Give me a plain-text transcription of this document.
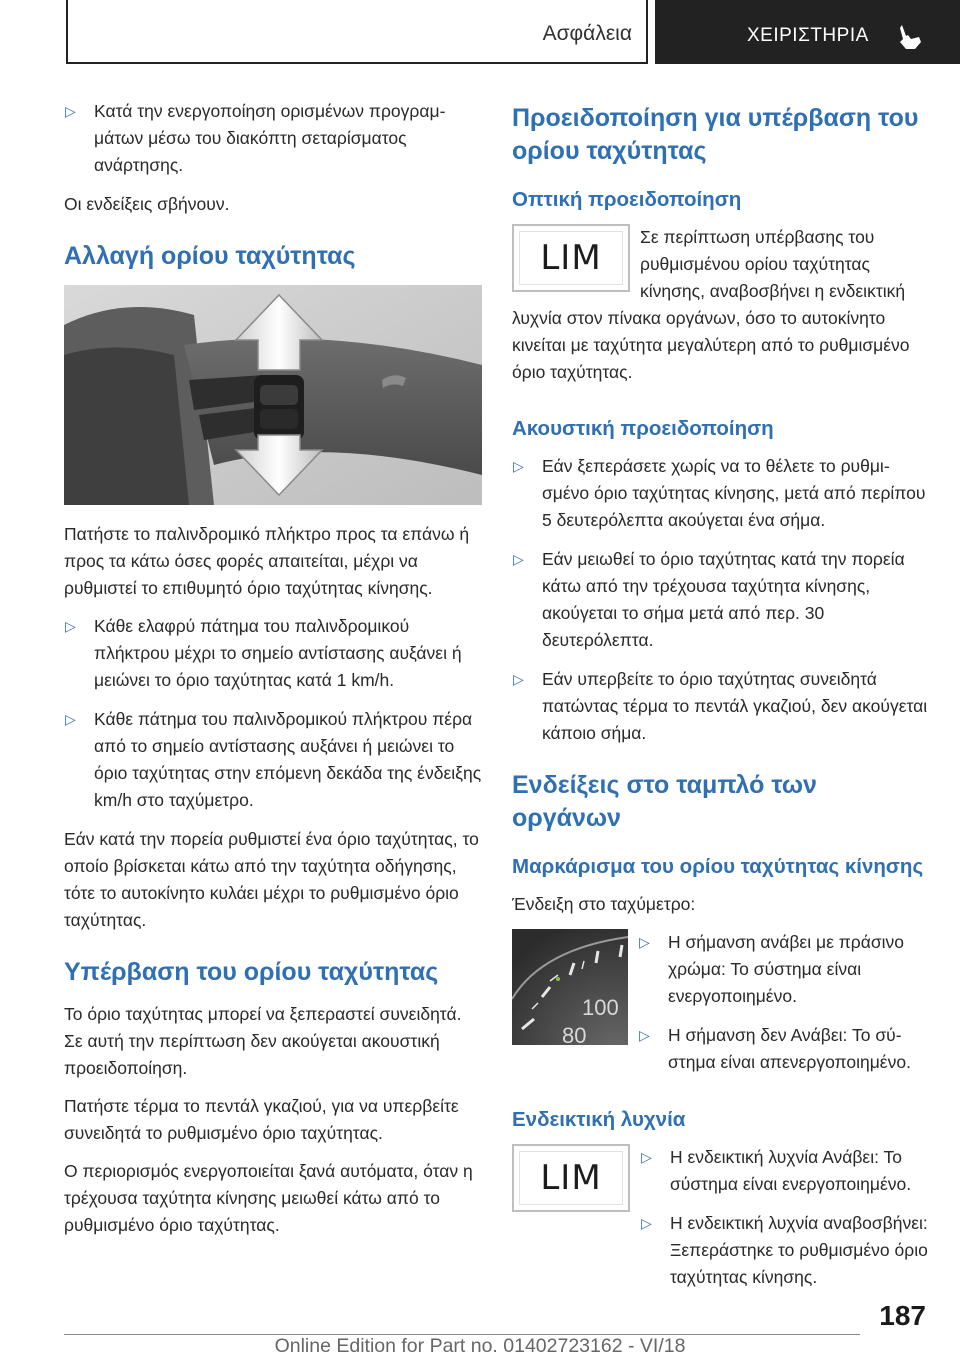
Ασφάλεια	ΧΕΙΡΙΣΤΗΡΙΑ
▷ Κατά την ενεργοποίηση ορισμένων προγραμμάτων μέσω του διακόπτη σεταρίσματος ανάρτησης.

Οι ενδείξεις σβήνουν.

Αλλαγή ορίου ταχύτητας

Πατήστε το παλινδρομικό πλήκτρο προς τα επάνω ή προς τα κάτω όσες φορές απαιτείται, μέχρι να ρυθμιστεί το επιθυμητό όριο ταχύτητας κίνησης.

▷ Κάθε ελαφρύ πάτημα του παλινδρομικού πλήκτρου μέχρι το σημείο αντίστασης αυξάνει ή μειώνει το όριο ταχύτητας κατά 1 km/h.
▷ Κάθε πάτημα του παλινδρομικού πλήκτρου πέρα από το σημείο αντίστασης αυξάνει ή μειώνει το όριο ταχύτητας στην επόμενη δεκάδα της ένδειξης km/h στο ταχύμετρο.

Εάν κατά την πορεία ρυθμιστεί ένα όριο ταχύτητας, το οποίο βρίσκεται κάτω από την ταχύτητα οδήγησης, τότε το αυτοκίνητο κυλάει μέχρι το ρυθμισμένο όριο ταχύτητας.

Υπέρβαση του ορίου ταχύτητας

Το όριο ταχύτητας μπορεί να ξεπεραστεί συνειδητά. Σε αυτή την περίπτωση δεν ακούγεται ακουστική προειδοποίηση.

Πατήστε τέρμα το πεντάλ γκαζιού, για να υπερβείτε συνειδητά το ρυθμισμένο όριο ταχύτητας.

Ο περιορισμός ενεργοποιείται ξανά αυτόματα, όταν η τρέχουσα ταχύτητα κίνησης μειωθεί κάτω από το ρυθμισμένο όριο ταχύτητας.

Προειδοποίηση για υπέρβαση του ορίου ταχύτητας
Οπτική προειδοποίηση
LIM

Σε περίπτωση υπέρβασης του ρυθμισμένου ορίου ταχύτητας κίνησης, αναβοσβήνει η ενδεικτική λυχνία στον πίνακα οργάνων, όσο το αυτοκίνητο κινείται με ταχύτητα μεγαλύτερη από το ρυθμισμένο όριο ταχύτητας.

Ακουστική προειδοποίηση
▷ Εάν ξεπεράσετε χωρίς να το θέλετε το ρυθμισμένο όριο ταχύτητας κίνησης, μετά από περίπου 5 δευτερόλεπτα ακούγεται ένα σήμα.
▷ Εάν μειωθεί το όριο ταχύτητας κατά την πορεία κάτω από την τρέχουσα ταχύτητα κίνησης, ακούγεται το σήμα μετά από περ. 30 δευτερόλεπτα.
▷ Εάν υπερβείτε το όριο ταχύτητας συνειδητά πατώντας τέρμα το πεντάλ γκαζιού, δεν ακούγεται κάποιο σήμα.
Ενδείξεις στο ταμπλό των οργάνων
Μαρκάρισμα του ορίου ταχύτητας κίνησης

Ένδειξη στο ταχύμετρο:

100
80
▷ Η σήμανση ανάβει με πράσινο χρώμα: Το σύστημα είναι ενεργοποιημένο.
▷ Η σήμανση δεν Ανάβει: Το σύστημα είναι απενεργοποιημένο.
Ενδεικτική λυχνία
LIM
▷ Η ενδεικτική λυχνία Ανάβει: Το σύστημα είναι ενεργοποιημένο.
▷ Η ενδεικτική λυχνία αναβοσβήνει: Ξεπεράστηκε το ρυθμισμένο όριο ταχύτητας κίνησης.
187
Online Edition for Part no. 01402723162 - VI/18
